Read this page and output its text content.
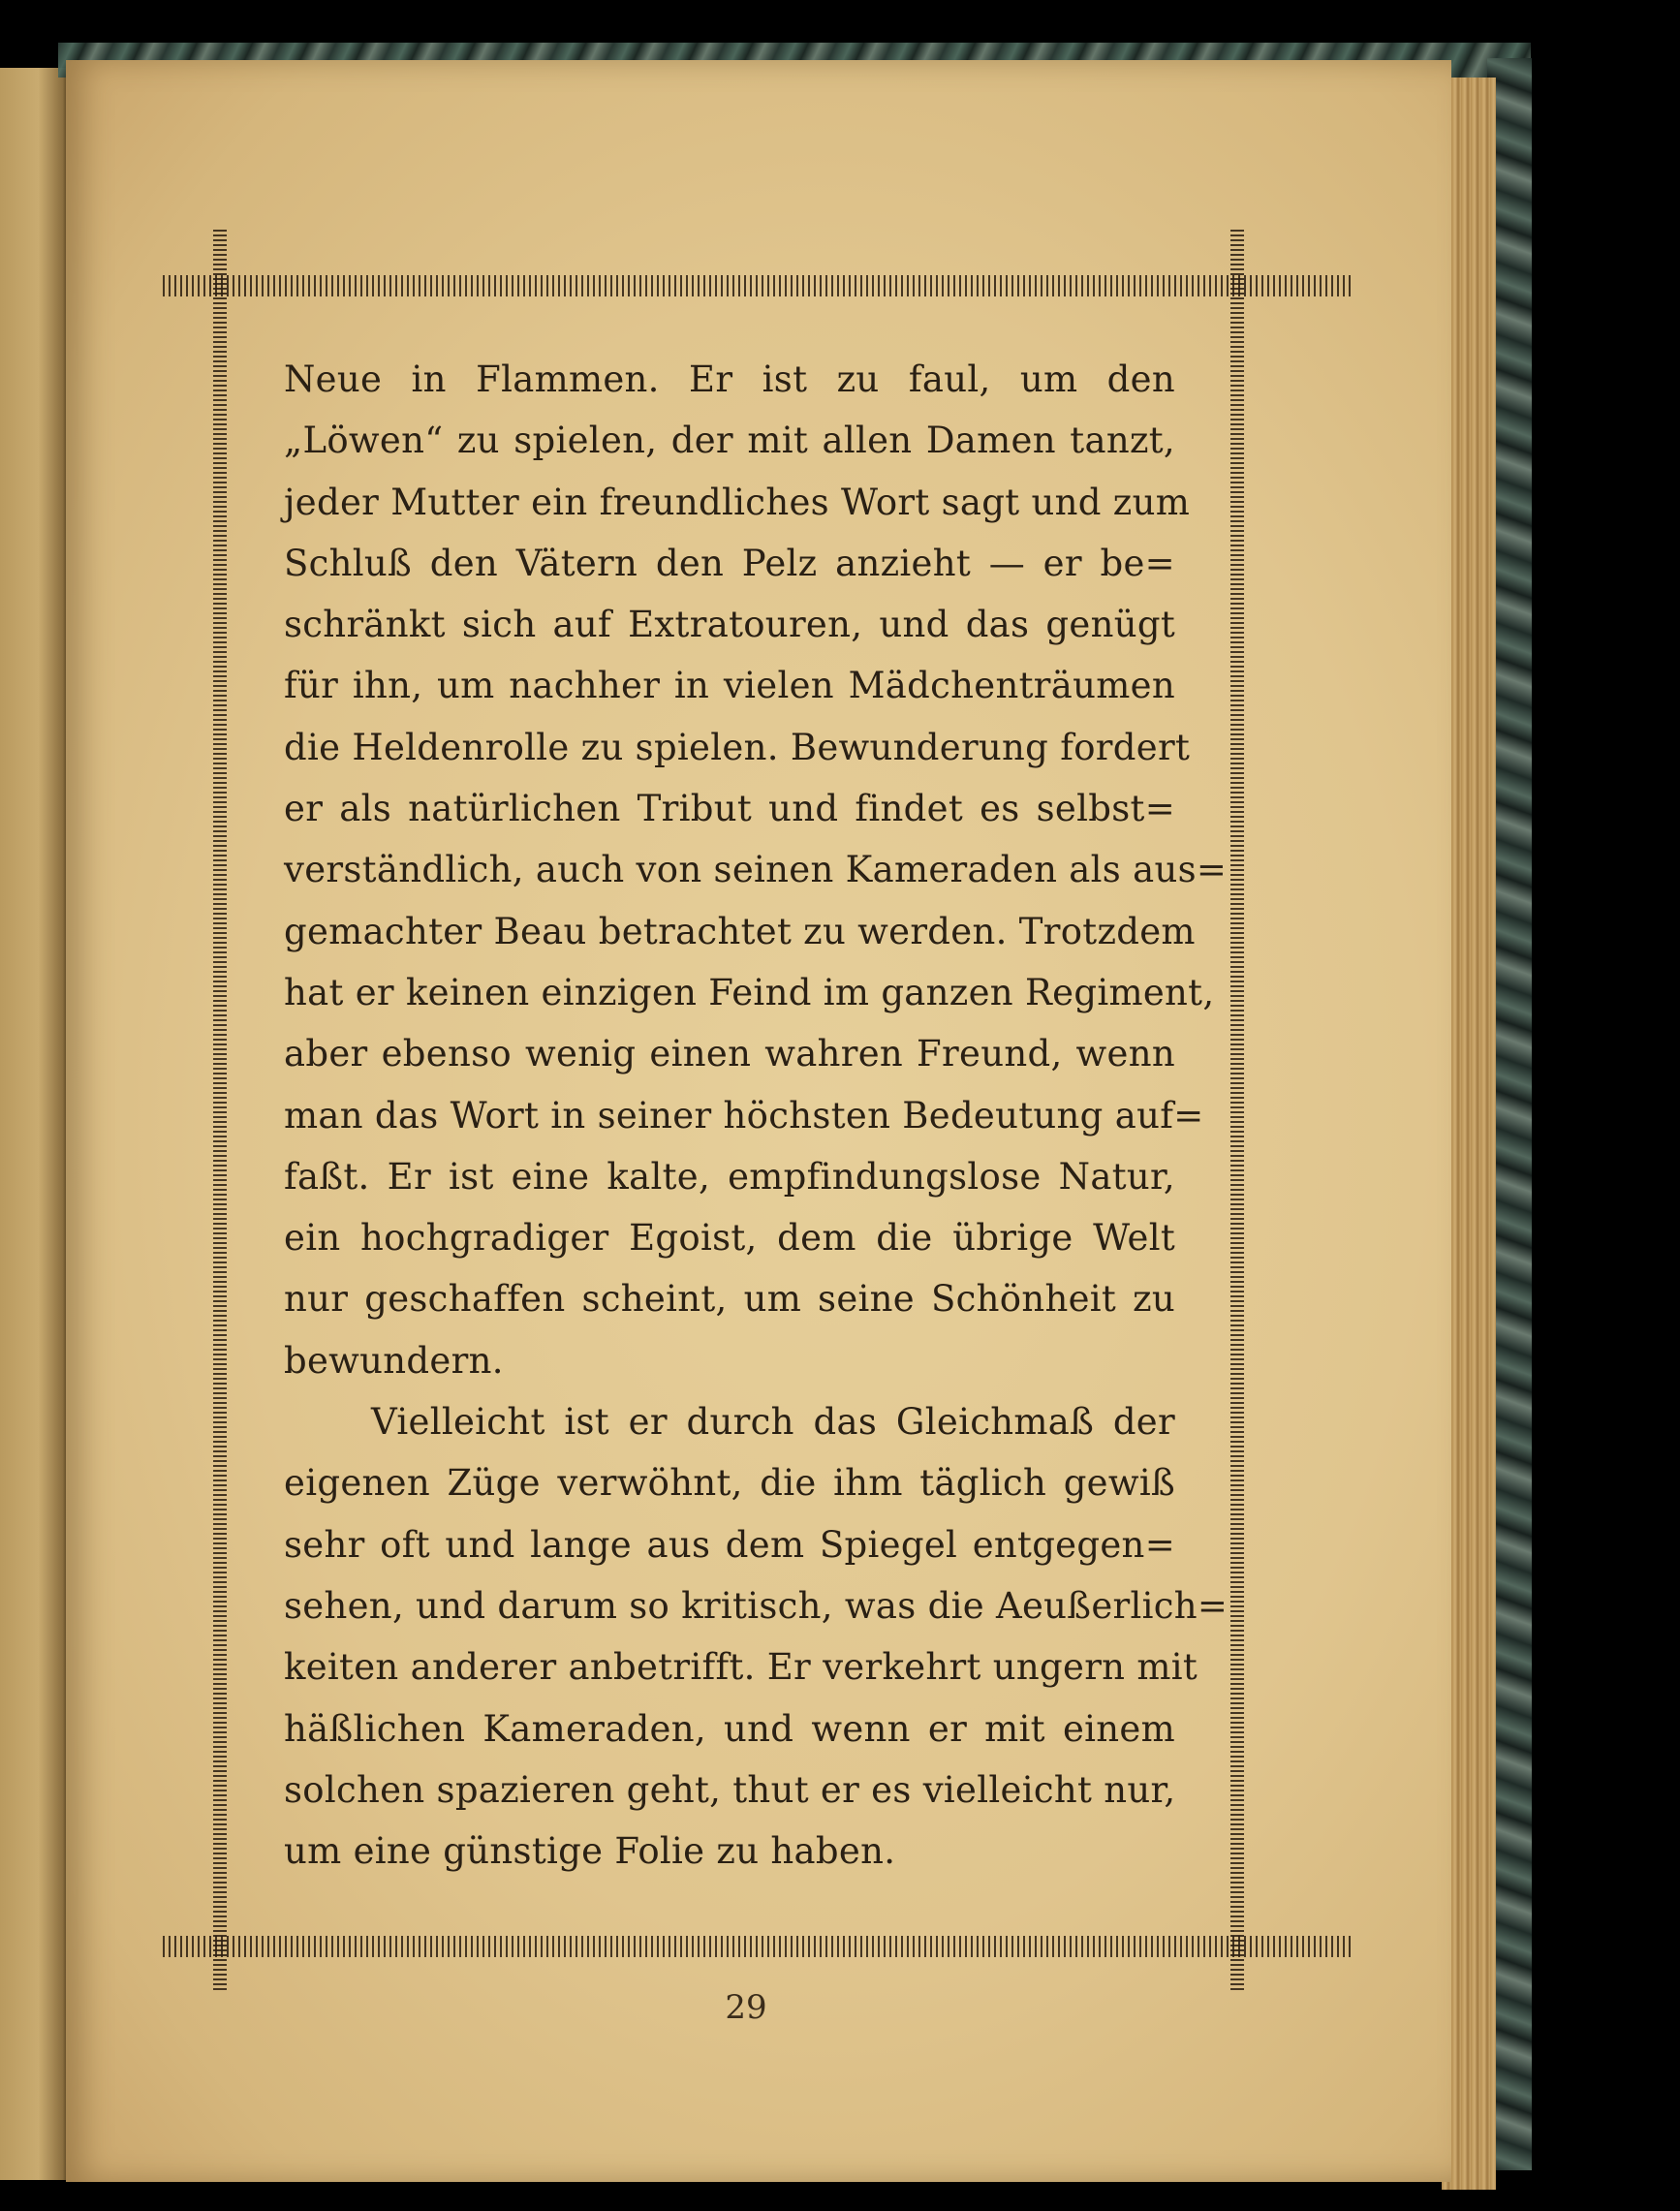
Neue in Flammen. Er ist zu faul, um den
„Löwen“ zu spielen, der mit allen Damen tanzt,
jeder Mutter ein freundliches Wort sagt und zum
Schluß den Vätern den Pelz anzieht — er be=
schränkt sich auf Extratouren, und das genügt
für ihn, um nachher in vielen Mädchenträumen
die Heldenrolle zu spielen. Bewunderung fordert
er als natürlichen Tribut und findet es selbst=
verständlich, auch von seinen Kameraden als aus=
gemachter Beau betrachtet zu werden. Trotzdem
hat er keinen einzigen Feind im ganzen Regiment,
aber ebenso wenig einen wahren Freund, wenn
man das Wort in seiner höchsten Bedeutung auf=
faßt. Er ist eine kalte, empfindungslose Natur,
ein hochgradiger Egoist, dem die übrige Welt
nur geschaffen scheint, um seine Schönheit zu
bewundern.
Vielleicht ist er durch das Gleichmaß der
eigenen Züge verwöhnt, die ihm täglich gewiß
sehr oft und lange aus dem Spiegel entgegen=
sehen, und darum so kritisch, was die Aeußerlich=
keiten anderer anbetrifft. Er verkehrt ungern mit
häßlichen Kameraden, und wenn er mit einem
solchen spazieren geht, thut er es vielleicht nur,
um eine günstige Folie zu haben.
29
